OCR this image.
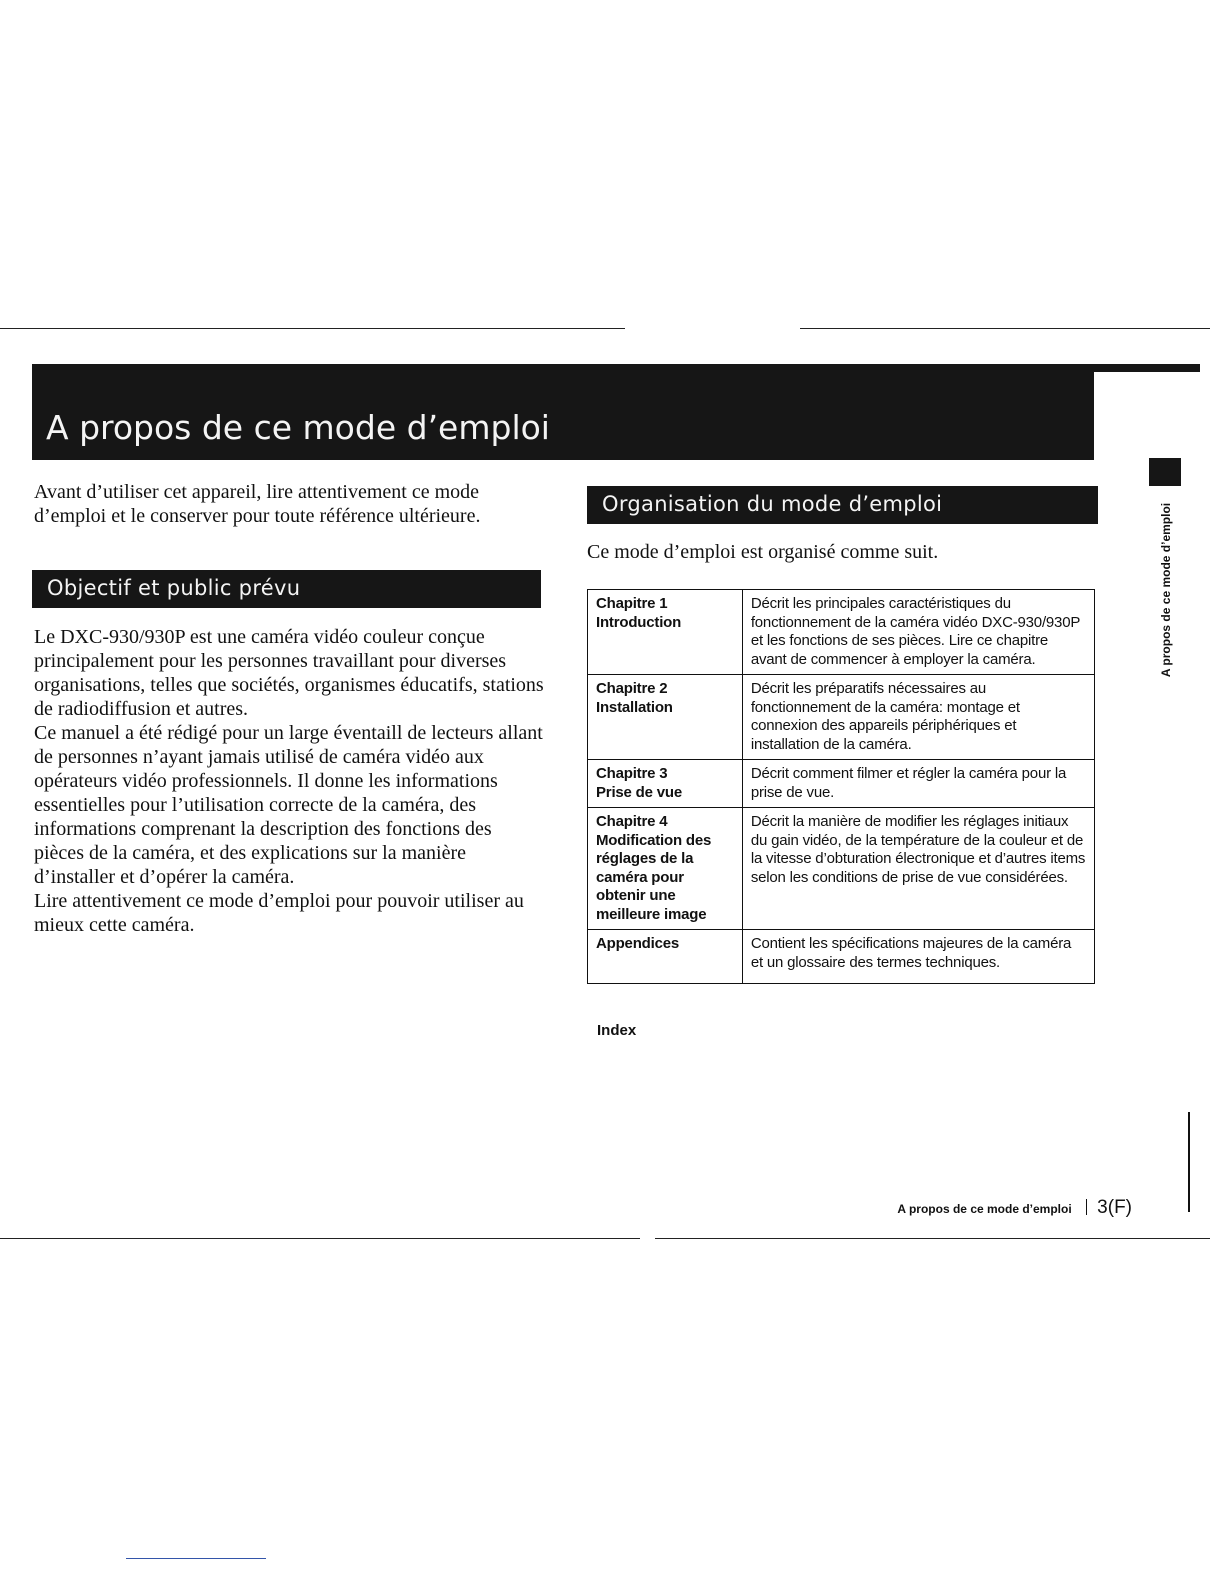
A propos de ce mode d’emploi

Avant d’utiliser cet appareil, lire attentivement ce mode d’emploi et le conserver pour toute référence ultérieure.

Objectif et public prévu

Le DXC-930/930P est une caméra vidéo couleur conçue principalement pour les personnes travaillant pour diverses organisations, telles que sociétés, organismes éducatifs, stations de radiodiffusion et autres.

Ce manuel a été rédigé pour un large éventaill de lecteurs allant de personnes n’ayant jamais utilisé de caméra vidéo aux opérateurs vidéo professionnels. Il donne les informations essentielles pour l’utilisation correcte de la caméra, des informations comprenant la description des fonctions des pièces de la caméra, et des explications sur la manière d’installer et d’opérer la caméra.

Lire attentivement ce mode d’emploi pour pouvoir utiliser au mieux cette caméra.

Organisation du mode d’emploi

Ce mode d’emploi est organisé comme suit.

Chapitre 1
Introduction	Décrit les principales caractéristiques du fonctionnement de la caméra vidéo DXC-930/930P et les fonctions de ses pièces. Lire ce chapitre avant de commencer à employer la caméra.

Chapitre 2
Installation	Décrit les préparatifs nécessaires au fonctionnement de la caméra: montage et connexion des appareils périphériques et installation de la caméra.

Chapitre 3
Prise de vue	Décrit comment filmer et régler la caméra pour la prise de vue.

Chapitre 4
Modification des réglages de la caméra pour obtenir une meilleure image	Décrit la manière de modifier les réglages initiaux du gain vidéo, de la température de la couleur et de la vitesse d’obturation électronique et d’autres items selon les conditions de prise de vue considérées.

Appendices	Contient les spécifications majeures de la caméra et un glossaire des termes techniques.
Index
A propos de ce mode d’emploi
A propos de ce mode d’emploi 3(F)
